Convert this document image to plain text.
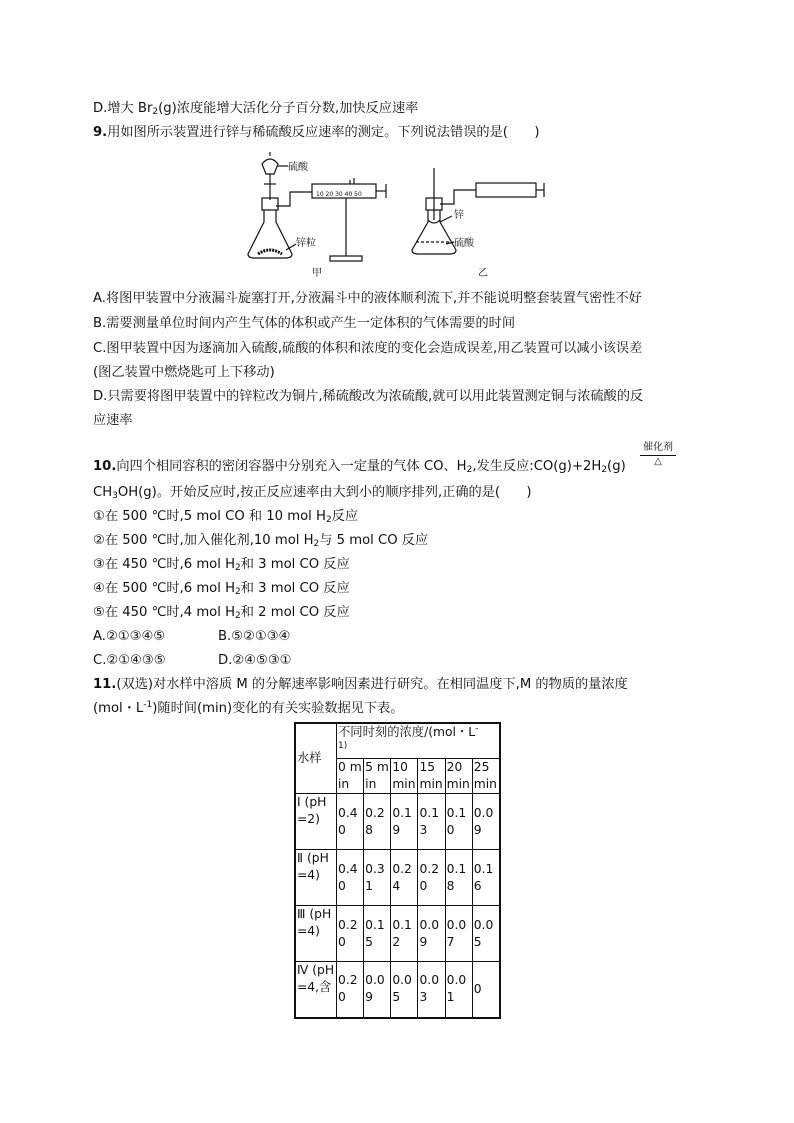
D.增大 $Br_2(g)$浓度能增大活化分子百分数,加快反应速率
9.用如图所示装置进行锌与稀硫酸反应速率的测定。下列说法错误的是(　　)
10 20 30 40 50
硫酸
锌粒
甲
锌
硫酸
乙
A.将图甲装置中分液漏斗旋塞打开,分液漏斗中的液体顺利流下,并不能说明整套装置气密性不好
B.需要测量单位时间内产生气体的体积或产生一定体积的气体需要的时间
C.图甲装置中因为逐滴加入硫酸,硫酸的体积和浓度的变化会造成误差,用乙装置可以减小该误差
(图乙装置中燃烧匙可上下移动)
D.只需要将图甲装置中的锌粒改为铜片,稀硫酸改为浓硫酸,就可以用此装置测定铜与浓硫酸的反
应速率
催化剂
△
10.向四个相同容积的密闭容器中分别充入一定量的气体 CO、$H_2$,发生反应$:CO(g)+2H_2(g)$
$CH_3OH(g)$。开始反应时,按正反应速率由大到小的顺序排列,正确的是(　　)
①在 500 ℃时,5 mol CO 和 10 mol $H_2$反应
②在 500 ℃时,加入催化剂,10 mol $H_2$与 5 mol CO 反应
③在 450 ℃时,6 mol $H_2$和 3 mol CO 反应
④在 500 ℃时,6 mol $H_2$和 3 mol CO 反应
⑤在 450 ℃时,4 mol $H_2$和 2 mol CO 反应
A.②①③④⑤	B.⑤②①③④
C.②①④③⑤	D.②④⑤③①
11.(双选)对水样中溶质 M 的分解速率影响因素进行研究。在相同温度下,M 的物质的量浓度
(mol・$L^{-1}$)随时间(min)变化的有关实验数据见下表。
水样	不同时刻的浓度/(mol・L-
$^{1)}$
	0 min	5 min	10 min	15 min	20 min	25 min
Ⅰ (pH=2)	0.40	0.28	0.19	0.13	0.10	0.09
Ⅱ (pH=4)	0.40	0.31	0.24	0.20	0.18	0.16
Ⅲ (pH=4)	0.20	0.15	0.12	0.09	0.07	0.05
Ⅳ (pH=4,含	0.20	0.09	0.05	0.03	0.01	0
